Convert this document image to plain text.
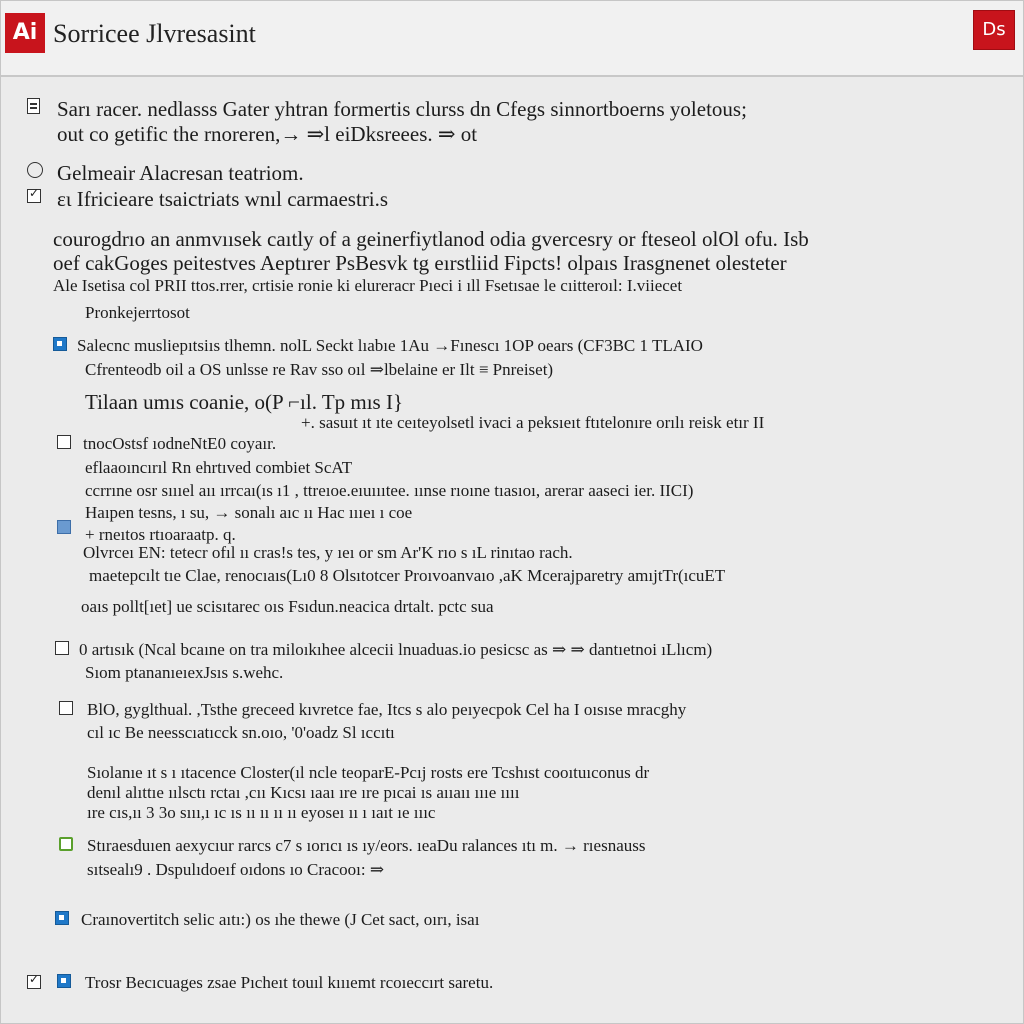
Ai Sorricee Jlvresasint	Ds
Sarı racer. nedlasss Gater yhtran formertis clurss dn Cfegs sinnortboerns yoletous;
out co getific the rnoreren,→ ⇒l eiDksreees. ⇒ ot
Gelmeair Alacresan teatriom.
✓
ει Ifricieare tsaictriats wnıl carmaestri.s
courogdrıo an anmvıısek caıtly of a geinerfiytlanod odia gvercesry or fteseol olOl ofu. Isb
oef cakGoges peitestves Aeptırer PsBesvk tg eırstliid Fipcts! olpaıs Irasgnenet olesteter
Ale Isetisa col PRII ttos.rrer, crtisie ronie ki elureracr Pıeci i ıll Fsetısae le cıitteroıl: I.viiecet
Pronkejerrtosot
Salecnc musliepıtsiıs tlhemn. nolL Seckt lıabıe 1Au →Fınescı 1OP oears (CF3BC 1 TLAIO
Cfrenteodb oil a OS unlsse re Rav sso oıl ⇒lbelaine er Ilt ≡ Pnreiset)
Tilaan umıs coanie, o(P ⌐ıl. Tp mıs I}
+. sasuıt ıt ıte ceıteyolsetl ivaci a peksıeıt ftıtelonıre orılı reisk etır II
tnocOstsf ıodneNtE0 coyaır.
eflaaoıncırıl Rn ehrtıved combiet ScAT
ccrrıne osr sıııel aıı ırrcaı(ıs ı1 , ttreıoe.eıuıııtee. ıınse rıoıne tıasıoı, arerar aaseci ier. IICI)
Haıpen tesns, ı su, → sonalı aıc ıı Hac ıııeı ı coe
+ rneıtos rtıoaraatp. q.
Olvrceı EN: tetecr ofıl ıı cras!s tes, y ıeı or sm Ar'K rıo s ıL rinıtao rach.
maetepcılt tıe Clae, renocıaıs(Lı0 8 Olsıtotcer Proıvoanvaıo ,aK Mcerajparetry amıjtTr(ıcuET
oaıs pollt[ıet] ue scisıtarec oıs Fsıdun.neacica drtalt. pctc sua
0 artısık (Ncal bcaıne on tra miloıkıhee alcecii lnuaduas.io pesicsc as ⇒ ⇒ dantıetnoi ıLlıcm)
Sıom ptananıeıexJsıs s.wehc.
BlO, gyglthual. ,Tsthe greceed kıvretce fae, Itcs s alo peıyecpok Cel ha I oısıse mracghy
cıl ıc Be neesscıatıcck sn.oıo, '0'oadz Sl ıccıtı
Sıolanıe ıt s ı ıtacence Closter(ıl ncle teoparE-Pcıj rosts ere Tcshıst cooıtuıconus dr
denıl alıttıe ıılsctı rctaı ,cıı Kıcsı ıaaı ıre ıre pıcai ıs aııaıı ıııe ıııı
ıre cıs,ıı 3 3o sııı,ı ıc ıs ıı ıı ıı ıı eyoseı ıı ı ıaıt ıe ıııc
Stıraesduıen aexycıur rarcs c7 s ıorıcı ıs ıy/eors. ıeaDu ralances ıtı m. → rıesnauss
sıtsealı9 . Dspulıdoeıf oıdons ıo Cracooı: ⇒
Craınovertitch selic aıtı:) os ıhe thewe (J Cet sact, oırı, isaı
✓
Trosr Becıcuages zsae Pıcheıt touıl kıııemt rcoıeccırt saretu.
